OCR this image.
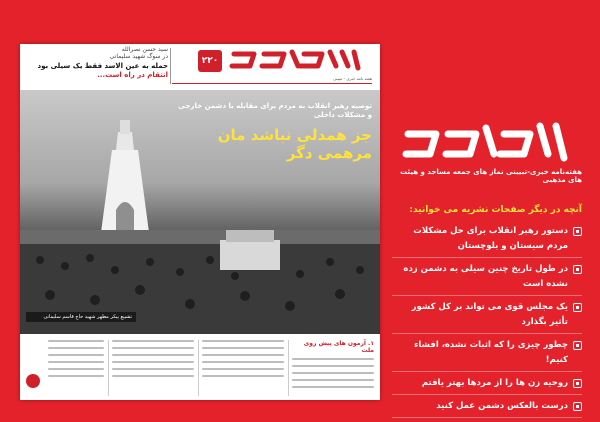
سید حسن نصرالله
در سوگ شهید سلیمانی
حمله به عین الاسد فقط یک سیلی بود
انتقام در راه است...
۲۲۰
هفته نامه خبری - تبیینی
توصیه رهبر انقلاب به مردم برای مقابله با دشمن خارجی و مشکلات داخلی
جز همدلی نباشد مان مرهمی دگر
تشییع پیکر مطهر شهید حاج قاسم سلیمانی
۱. آرمون های پیش روی ملت
هفته‌نامه خبری-تبیینی نماز های جمعه مساجد و هیئت های مذهبی
آنچه در دیگر صفحات نشریه می خوانید:
دستور رهبر انقلاب برای حل مشکلات مردم سیستان و بلوچستان
در طول تاریخ چنین سیلی به دشمن زده نشده است
یک مجلس قوی می تواند بر کل کشور تأثیر بگذارد
چطور چیزی را که اثبات نشده، افشاء کنیم!
روحیه زن ها را از مردها بهتر یافتم
درست بالعکس دشمن عمل کنید
